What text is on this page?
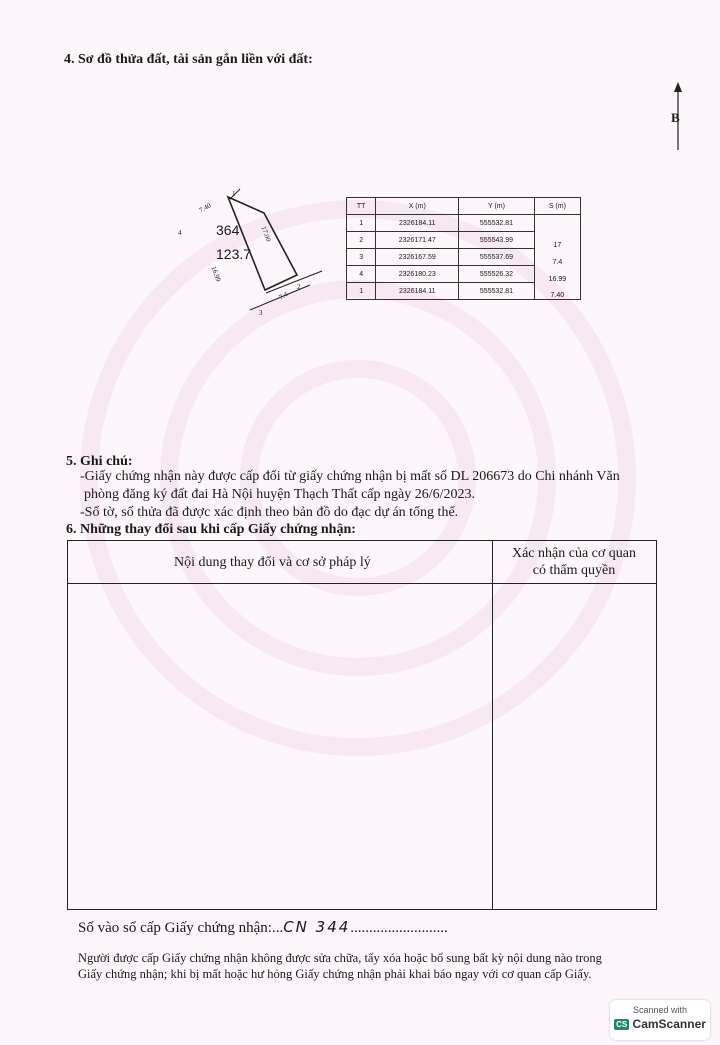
4. Sơ đồ thửa đất, tài sản gắn liền với đất:
B
364
123.7
7.40
17.00
16.99
7.4
1
2
3
4
TT	X (m)	Y (m)	S (m)
1	2326184.11	555532.81	
2	2326171.47	555543.99	17
3	2326167.59	555537.69	7.4
4	2326180.23	555526.32	16.99
1	2326184.11	555532.81	7.40
5. Ghi chú:
-Giấy chứng nhận này được cấp đổi từ giấy chứng nhận bị mất số DL 206673 do Chi nhánh Văn
phòng đăng ký đất đai Hà Nội huyện Thạch Thất cấp ngày 26/6/2023.
-Số tờ, số thửa đã được xác định theo bản đồ do đạc dự án tổng thể.
6. Những thay đổi sau khi cấp Giấy chứng nhận:
Nội dung thay đổi và cơ sở pháp lý
Xác nhận của cơ quan
có thẩm quyền
Số vào sổ cấp Giấy chứng nhận:...CN 344..........................
Người được cấp Giấy chứng nhận không được sửa chữa, tẩy xóa hoặc bổ sung bất kỳ nội dung nào trong
Giấy chứng nhận; khi bị mất hoặc hư hỏng Giấy chứng nhận phải khai báo ngay với cơ quan cấp Giấy.
Scanned with
CS CamScanner
